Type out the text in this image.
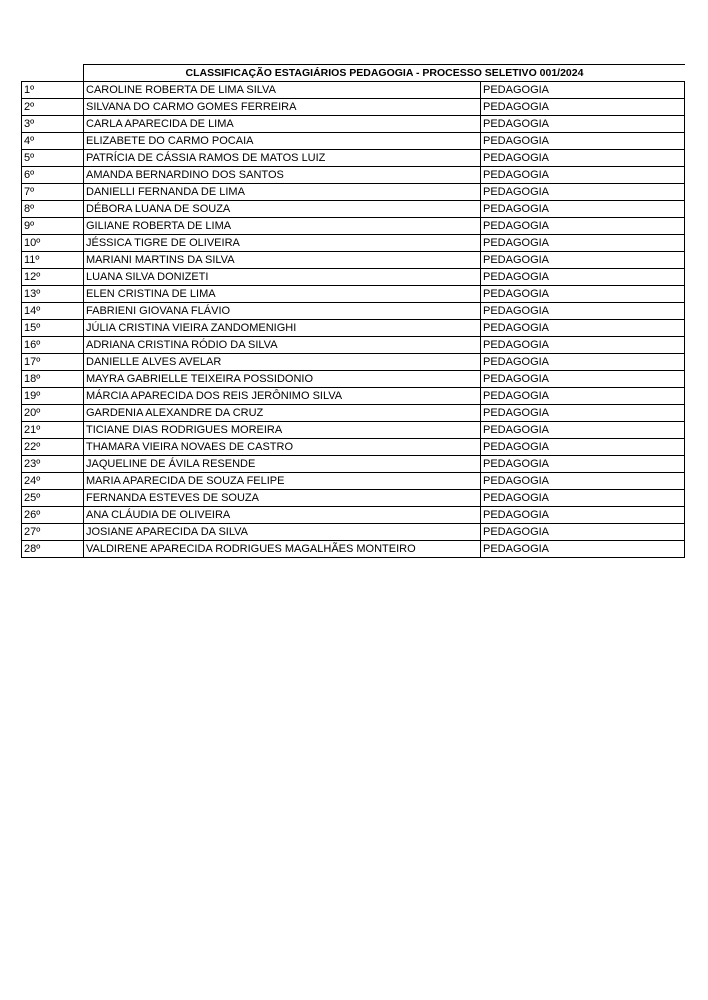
CLASSIFICAÇÃO ESTAGIÁRIOS PEDAGOGIA - PROCESSO SELETIVO 001/2024
1º	CAROLINE ROBERTA DE LIMA SILVA	PEDAGOGIA
2º	SILVANA DO CARMO GOMES FERREIRA	PEDAGOGIA
3º	CARLA APARECIDA DE LIMA	PEDAGOGIA
4º	ELIZABETE DO CARMO POCAIA	PEDAGOGIA
5º	PATRÍCIA DE CÁSSIA RAMOS DE MATOS LUIZ	PEDAGOGIA
6º	AMANDA BERNARDINO DOS SANTOS	PEDAGOGIA
7º	DANIELLI FERNANDA DE LIMA	PEDAGOGIA
8º	DÉBORA LUANA DE SOUZA	PEDAGOGIA
9º	GILIANE ROBERTA DE LIMA	PEDAGOGIA
10º	JÉSSICA TIGRE DE OLIVEIRA	PEDAGOGIA
11º	MARIANI MARTINS DA SILVA	PEDAGOGIA
12º	LUANA SILVA DONIZETI	PEDAGOGIA
13º	ELEN CRISTINA DE LIMA	PEDAGOGIA
14º	FABRIENI GIOVANA FLÁVIO	PEDAGOGIA
15º	JÚLIA CRISTINA VIEIRA ZANDOMENIGHI	PEDAGOGIA
16º	ADRIANA CRISTINA RÓDIO DA SILVA	PEDAGOGIA
17º	DANIELLE ALVES AVELAR	PEDAGOGIA
18º	MAYRA GABRIELLE TEIXEIRA POSSIDONIO	PEDAGOGIA
19º	MÁRCIA APARECIDA DOS REIS JERÔNIMO SILVA	PEDAGOGIA
20º	GARDENIA ALEXANDRE DA CRUZ	PEDAGOGIA
21º	TICIANE DIAS RODRIGUES MOREIRA	PEDAGOGIA
22º	THAMARA VIEIRA NOVAES DE CASTRO	PEDAGOGIA
23º	JAQUELINE DE ÁVILA RESENDE	PEDAGOGIA
24º	MARIA APARECIDA DE SOUZA FELIPE	PEDAGOGIA
25º	FERNANDA ESTEVES DE SOUZA	PEDAGOGIA
26º	ANA CLÁUDIA DE OLIVEIRA	PEDAGOGIA
27º	JOSIANE APARECIDA DA SILVA	PEDAGOGIA
28º	VALDIRENE APARECIDA RODRIGUES MAGALHÃES MONTEIRO	PEDAGOGIA
